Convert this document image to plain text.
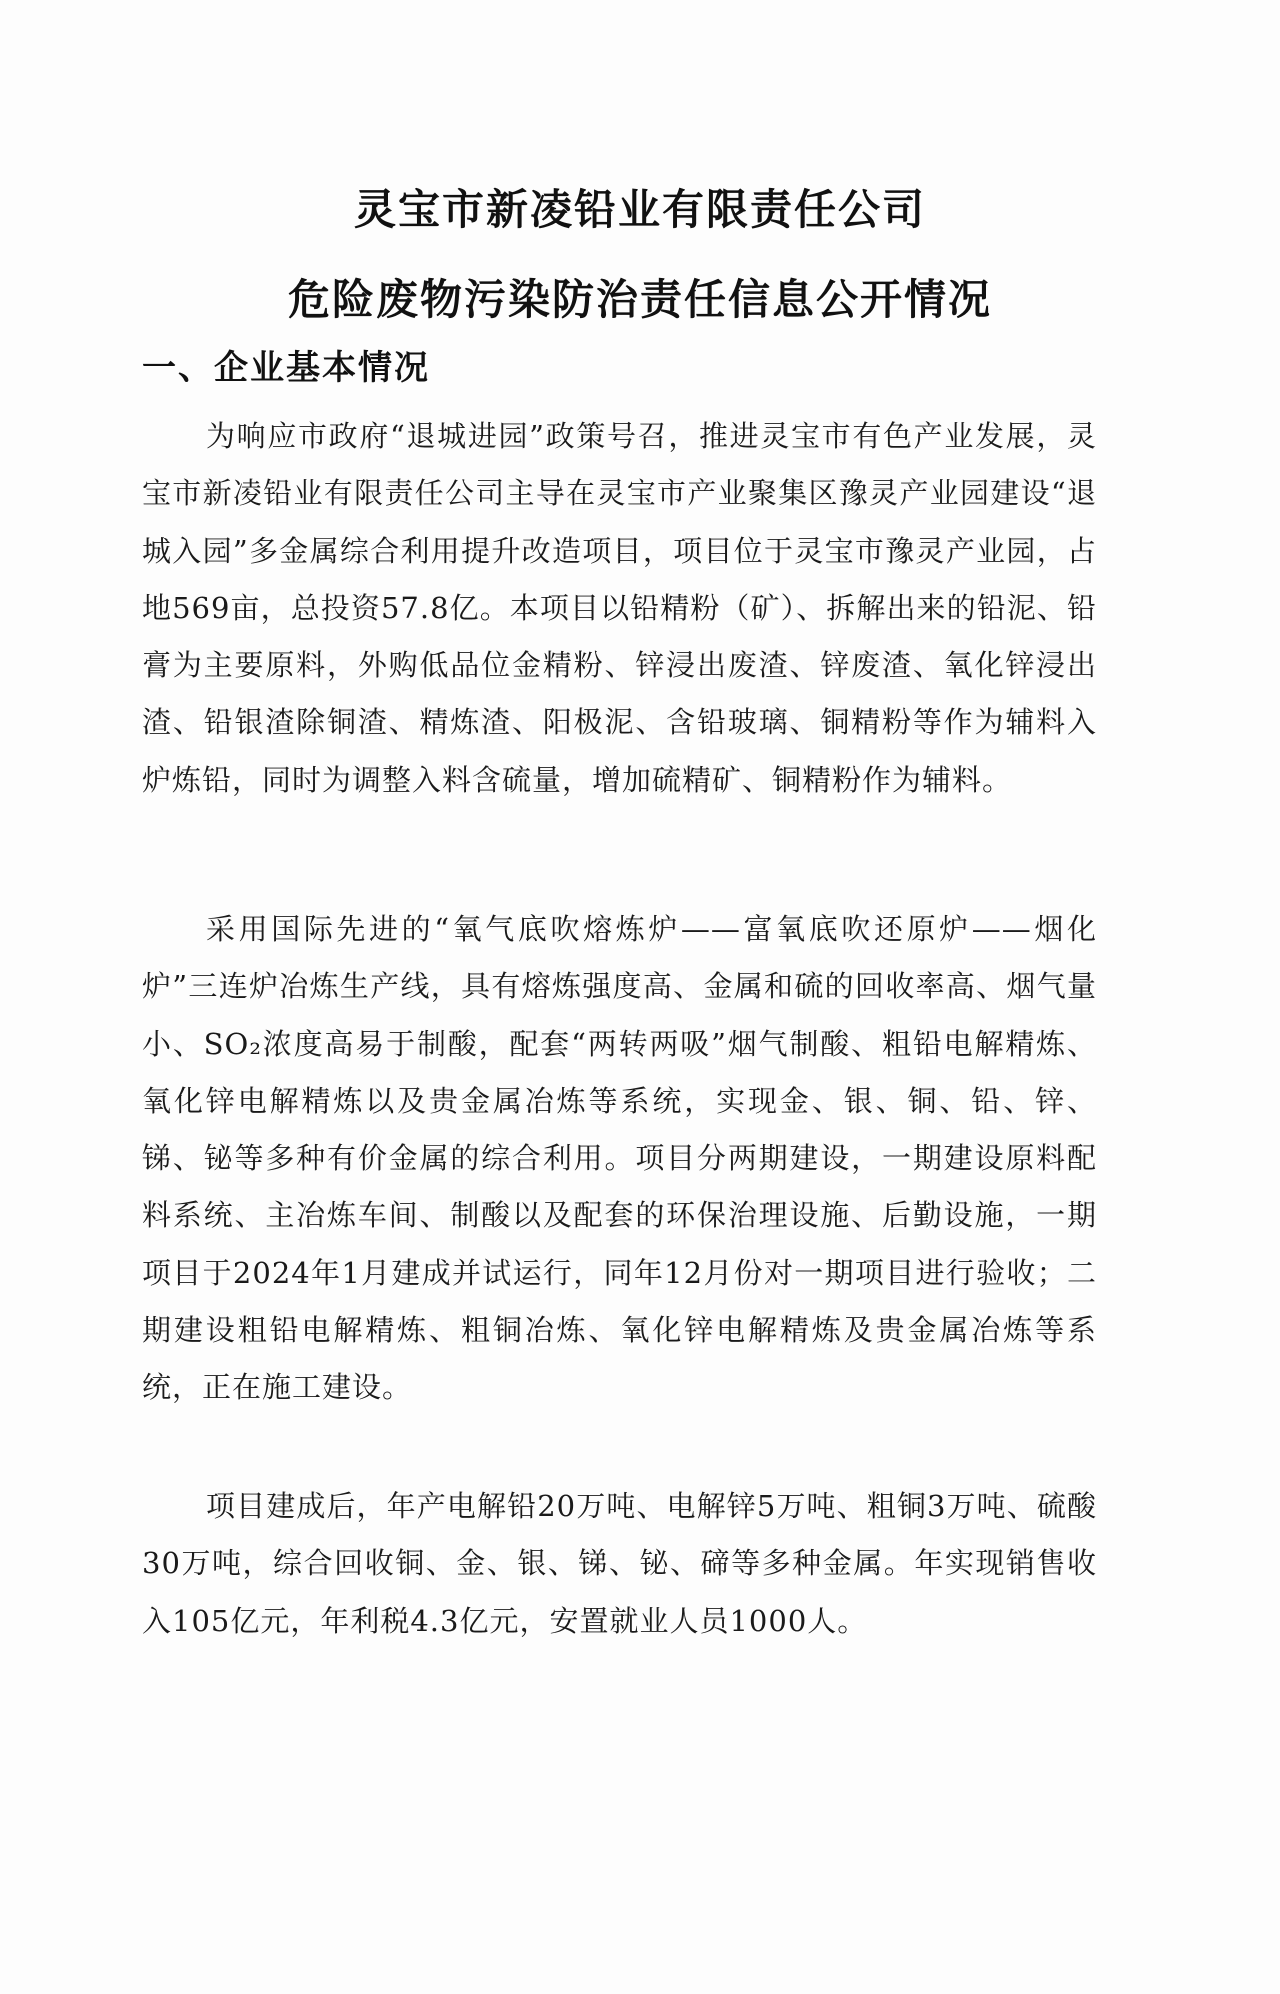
灵宝市新凌铅业有限责任公司
危险废物污染防治责任信息公开情况
一、企业基本情况

为响应市政府“退城进园”政策号召，推进灵宝市有色产业发展，灵宝市新凌铅业有限责任公司主导在灵宝市产业聚集区豫灵产业园建设“退城入园”多金属综合利用提升改造项目，项目位于灵宝市豫灵产业园，占地569亩，总投资57.8亿。本项目以铅精粉（矿）、拆解出来的铅泥、铅膏为主要原料，外购低品位金精粉、锌浸出废渣、锌废渣、氧化锌浸出渣、铅银渣除铜渣、精炼渣、阳极泥、含铅玻璃、铜精粉等作为辅料入炉炼铅，同时为调整入料含硫量，增加硫精矿、铜精粉作为辅料。

采用国际先进的“氧气底吹熔炼炉——富氧底吹还原炉——烟化炉”三连炉冶炼生产线，具有熔炼强度高、金属和硫的回收率高、烟气量小、SO₂浓度高易于制酸，配套“两转两吸”烟气制酸、粗铅电解精炼、氧化锌电解精炼以及贵金属冶炼等系统，实现金、银、铜、铅、锌、锑、铋等多种有价金属的综合利用。项目分两期建设，一期建设原料配料系统、主冶炼车间、制酸以及配套的环保治理设施、后勤设施，一期项目于2024年1月建成并试运行，同年12月份对一期项目进行验收；二期建设粗铅电解精炼、粗铜冶炼、氧化锌电解精炼及贵金属冶炼等系统，正在施工建设。

项目建成后，年产电解铅20万吨、电解锌5万吨、粗铜3万吨、硫酸30万吨，综合回收铜、金、银、锑、铋、碲等多种金属。年实现销售收入105亿元，年利税4.3亿元，安置就业人员1000人。
